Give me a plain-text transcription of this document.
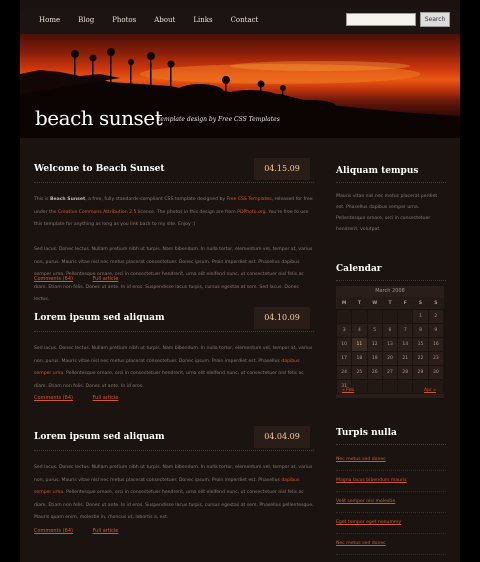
Home	Blog	Photos	About	Links	Contact	Search
beach sunset
template design by Free CSS Templates
Welcome to Beach Sunset	04.15.09
This is Beach Sunset, a free, fully standards-compliant CSS template designed by Free CSS Templates, released for free under the Creative Commons Attribution 2.5 license. The photos in this design are from PDPhoto.org. You're free to use this template for anything as long as you link back to my site. Enjoy :)

Sed lacus. Donec lectus. Nullam pretium nibh ut turpis. Nam bibendum. In nulla tortor, elementum vel, tempor at, varius non, purus. Mauris vitae nisl nec metus placerat consectetuer. Donec ipsum. Proin imperdiet est. Phasellus dapibus semper urna. Pellentesque ornare, orci in consectetuer hendrerit, urna elit eleifend nunc, ut consectetuer nisl felis ac diam. Etiam non felis. Donec ut ante. In id eros. Suspendisse lacus turpis, cursus egestas at sem. Sed lacus. Donec lectus.
Comments (64)	Full article
Lorem ipsum sed aliquam	04.10.09
Sed lacus. Donec lectus. Nullam pretium nibh ut turpis. Nam bibendum. In nulla tortor, elementum vel, tempor at, varius non, purus. Mauris vitae nisl nec metus placerat consectetuer. Donec ipsum. Proin imperdiet est. Phasellus dapibus semper urna. Pellentesque ornare, orci in consectetuer hendrerit, urna elit eleifend nunc, ut consectetuer nisl felis ac diam. Etiam non felis. Donec ut ante. In id eros.
Comments (64)	Full article
Lorem ipsum sed aliquam	04.04.09
Sed lacus. Donec lectus. Nullam pretium nibh ut turpis. Nam bibendum. In nulla tortor, elementum vel, tempor at, varius non, purus. Mauris vitae nisl nec metus placerat consectetuer. Donec ipsum. Proin imperdiet est. Phasellus dapibus semper urna. Pellentesque ornare, orci in consectetuer hendrerit, urna elit eleifend nunc, ut consectetuer nisl felis ac diam. Etiam non felis. Donec ut ante. In id eros. Suspendisse lacus turpis, cursus egestas at sem. Phasellus pellentesque. Mauris quam enim, molestie in, rhoncus ut, lobortis a, est.
Comments (64)	Full article
Aliquam tempus
Mauris vitae nisl nec metus placerat perdiet est. Phasellus dapibus semper urna. Pellentesque ornare, orci in consectetuer hendrerit, volutpat.
Calendar
March 2008
M	T	W	T	F	S	S
					1	2
3	4	5	6	7	8	9
10	11	12	13	14	15	16
17	18	19	20	21	22	23
24	25	26	27	28	29	30
31						
« Feb	Apr »
Turpis nulla
Nec metus sed donec
Magna lacus bibendum mauris
Velit semper nisi molestie
Eget tempor eget nonummy
Nec metus sed donec
